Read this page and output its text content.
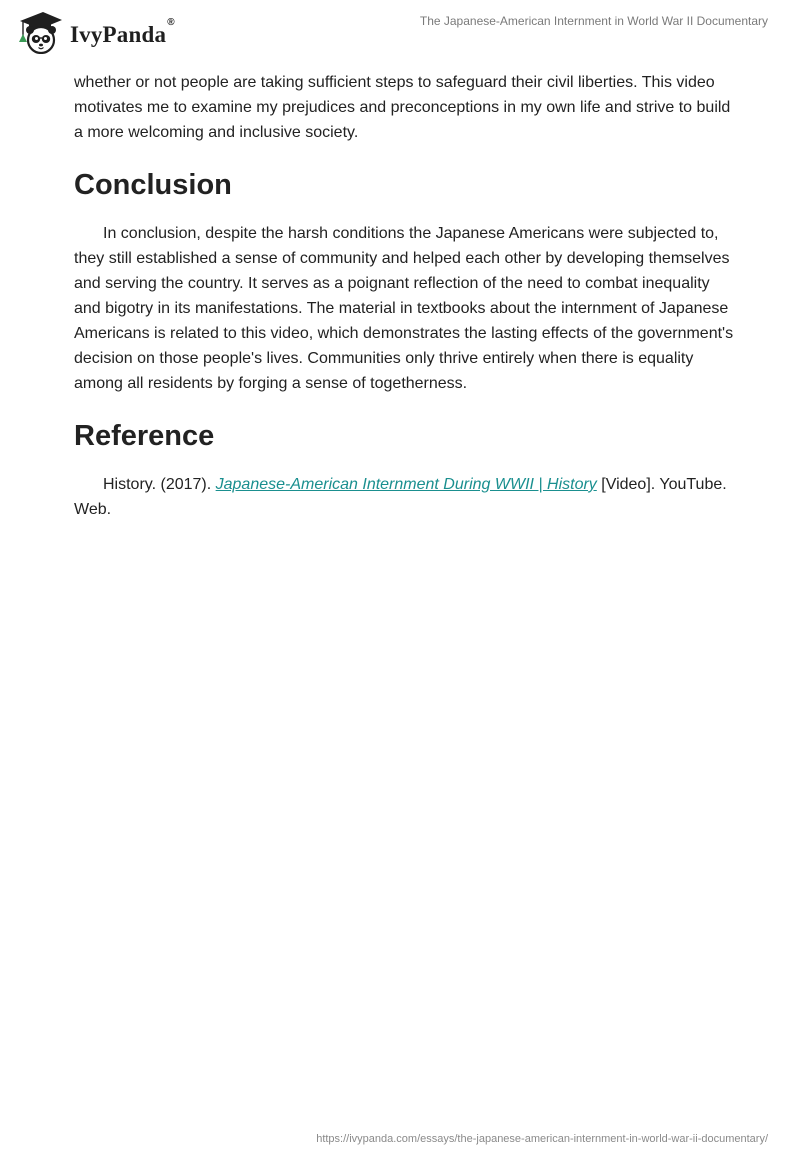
IvyPanda ®	The Japanese-American Internment in World War II Documentary

whether or not people are taking sufficient steps to safeguard their civil liberties. This video motivates me to examine my prejudices and preconceptions in my own life and strive to build a more welcoming and inclusive society.

Conclusion

In conclusion, despite the harsh conditions the Japanese Americans were subjected to, they still established a sense of community and helped each other by developing themselves and serving the country. It serves as a poignant reflection of the need to combat inequality and bigotry in its manifestations. The material in textbooks about the internment of Japanese Americans is related to this video, which demonstrates the lasting effects of the government's decision on those people's lives. Communities only thrive entirely when there is equality among all residents by forging a sense of togetherness.

Reference

History. (2017). Japanese-American Internment During WWII | History [Video]. YouTube. Web.

https://ivypanda.com/essays/the-japanese-american-internment-in-world-war-ii-documentary/
